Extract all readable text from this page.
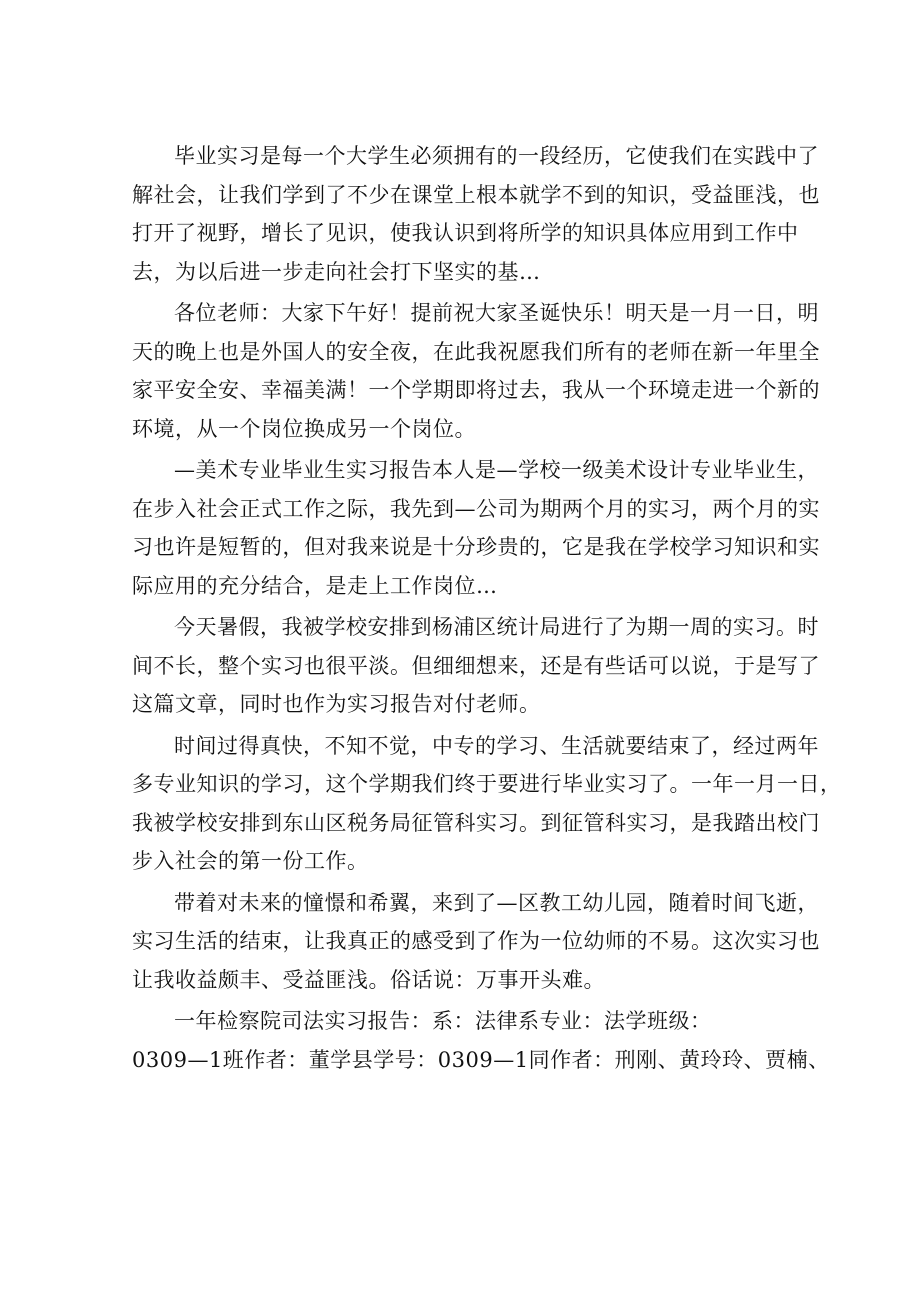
毕业实习是每一个大学生必须拥有的一段经历，它使我们在实践中了
解社会，让我们学到了不少在课堂上根本就学不到的知识，受益匪浅，也
打开了视野，增长了见识，使我认识到将所学的知识具体应用到工作中
去，为以后进一步走向社会打下坚实的基…
各位老师：大家下午好！提前祝大家圣诞快乐！明天是一月一日，明
天的晚上也是外国人的安全夜，在此我祝愿我们所有的老师在新一年里全
家平安全安、幸福美满！一个学期即将过去，我从一个环境走进一个新的
环境，从一个岗位换成另一个岗位。
—美术专业毕业生实习报告本人是—学校一级美术设计专业毕业生，
在步入社会正式工作之际，我先到—公司为期两个月的实习，两个月的实
习也许是短暂的，但对我来说是十分珍贵的，它是我在学校学习知识和实
际应用的充分结合，是走上工作岗位…
今天暑假，我被学校安排到杨浦区统计局进行了为期一周的实习。时
间不长，整个实习也很平淡。但细细想来，还是有些话可以说，于是写了
这篇文章，同时也作为实习报告对付老师。
时间过得真快，不知不觉，中专的学习、生活就要结束了，经过两年
多专业知识的学习，这个学期我们终于要进行毕业实习了。一年一月一日，
我被学校安排到东山区税务局征管科实习。到征管科实习，是我踏出校门
步入社会的第一份工作。
带着对未来的憧憬和希翼，来到了—区教工幼儿园，随着时间飞逝，
实习生活的结束，让我真正的感受到了作为一位幼师的不易。这次实习也
让我收益颇丰、受益匪浅。俗话说：万事开头难。
一年检察院司法实习报告：系：法律系专业：法学班级：
0309—1班作者：董学县学号：0309—1同作者：刑刚、黄玲玲、贾楠、
